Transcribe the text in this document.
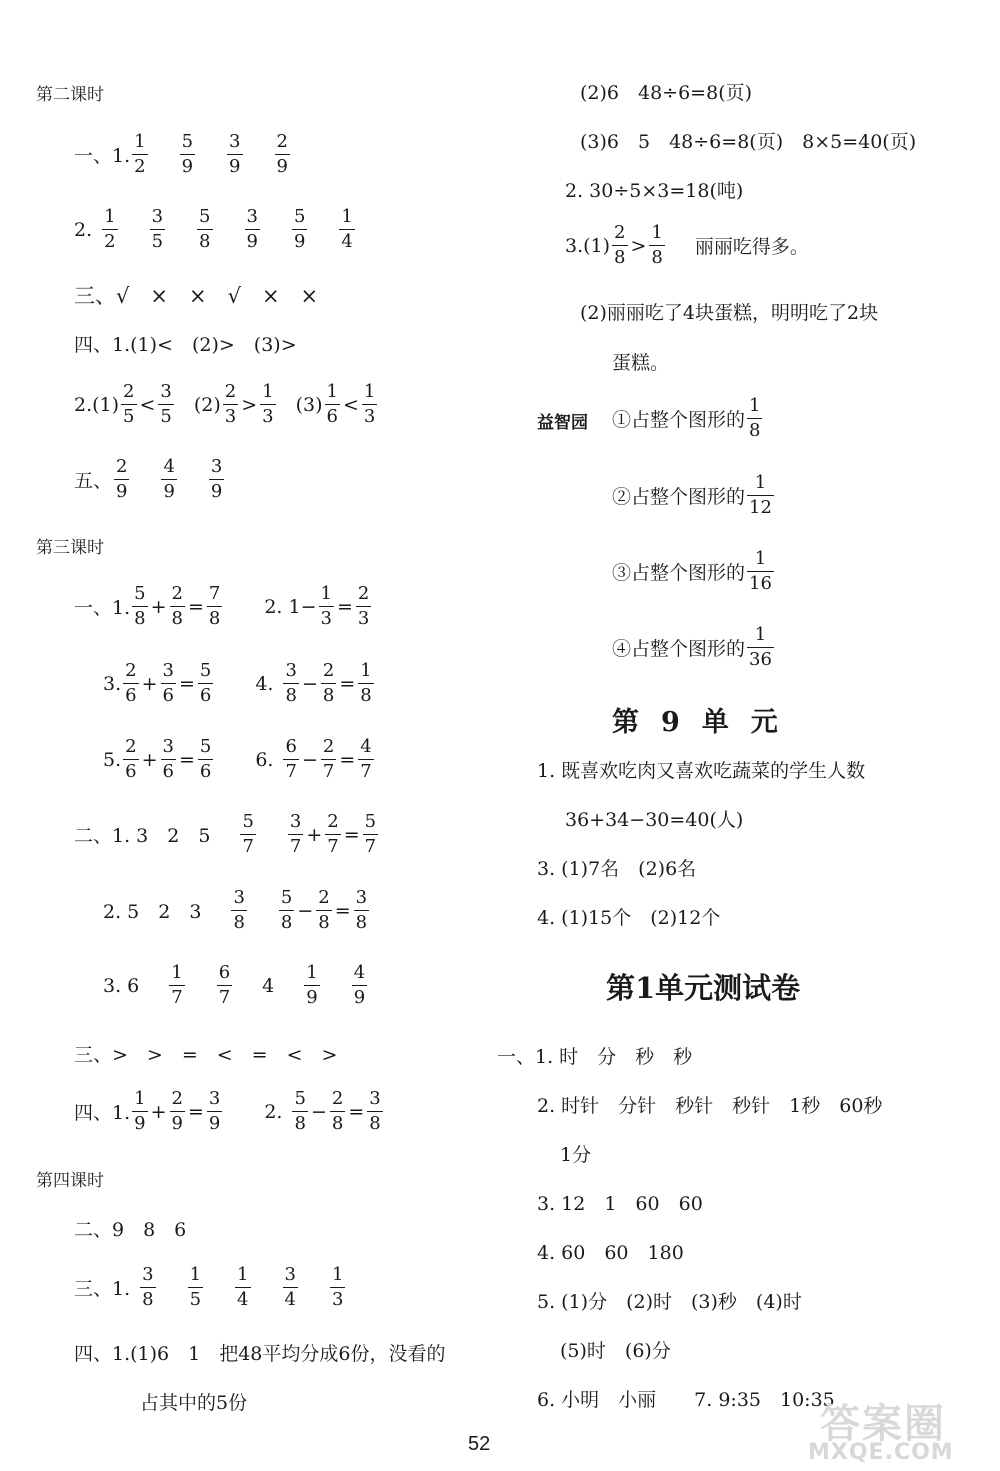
第二课时
一、1.
1
2
5
9
3
9
2
9
2.
1
2
3
5
5
8
3
9
5
9
1
4
三、√　×　×　√　×　×
四、1.(1)<　(2)>　(3)>
2.(1)
2
5
<
3
5
(2)
2
3
>
1
3
(3)
1
6
<
1
3
五、
2
9
4
9
3
9
第三课时
一、1.
5
8
+ $\frac{2}{8} = \frac{7}{8} 2$. $1- \frac{1}{3} = \frac{2}{3}$
3.
2
6
+ $\frac{3}{6} = \frac{5}{6} 4$.
3
8
− $\frac{2}{8} = \frac{1}{8}$
5.
2
6
+ $\frac{3}{6} = \frac{5}{6} 6$.
6
7
− $\frac{2}{7} = \frac{4}{7}$
二、1. 3　2　5
5
7
3
7
+ $\frac{2}{7} = \frac{5}{7}$
2. 5　2　3
3
8
5
8
− $\frac{2}{8} = \frac{3}{8}$
3. 6
1
7
6
7
4
1
9
4
9
三、>　>　=　<　=　<　>
四、1.
1
9
+ $\frac{2}{9} = \frac{3}{9} 2$.
5
8
− $\frac{2}{8} = \frac{3}{8}$
第四课时
二、9　8　6
三、1.
3
8
1
5
1
4
3
4
1
3
四、1.(1)6　1　把48平均分成6份，没看的
占其中的5份
(2)6　48÷6=8(页)
(3)6　5　48÷6=8(页)　8×5=40(页)
2. 30÷5×3=18(吨)
3.(1)
2
8
>
1
8 丽丽吃得多。
(2)丽丽吃了4块蛋糕，明明吃了2块
蛋糕。
益智园 ①占整个图形的
1
8
②占整个图形的
1
12
③占整个图形的
1
16
④占整个图形的
1
36
第9单元
1. 既喜欢吃肉又喜欢吃蔬菜的学生人数
36+34−30=40(人)
3. (1)7名　(2)6名
4. (1)15个　(2)12个
第1单元测试卷
一、1. 时　分　秒　秒
2. 时针　分针　秒针　秒针　1秒　60秒
1分
3. 12　1　60　60
4. 60　60　180
5. (1)分　(2)时　(3)秒　(4)时
(5)时　(6)分
6. 小明　小丽　　7. 9:35　10:35
52	答案圈
MXQE.COM
